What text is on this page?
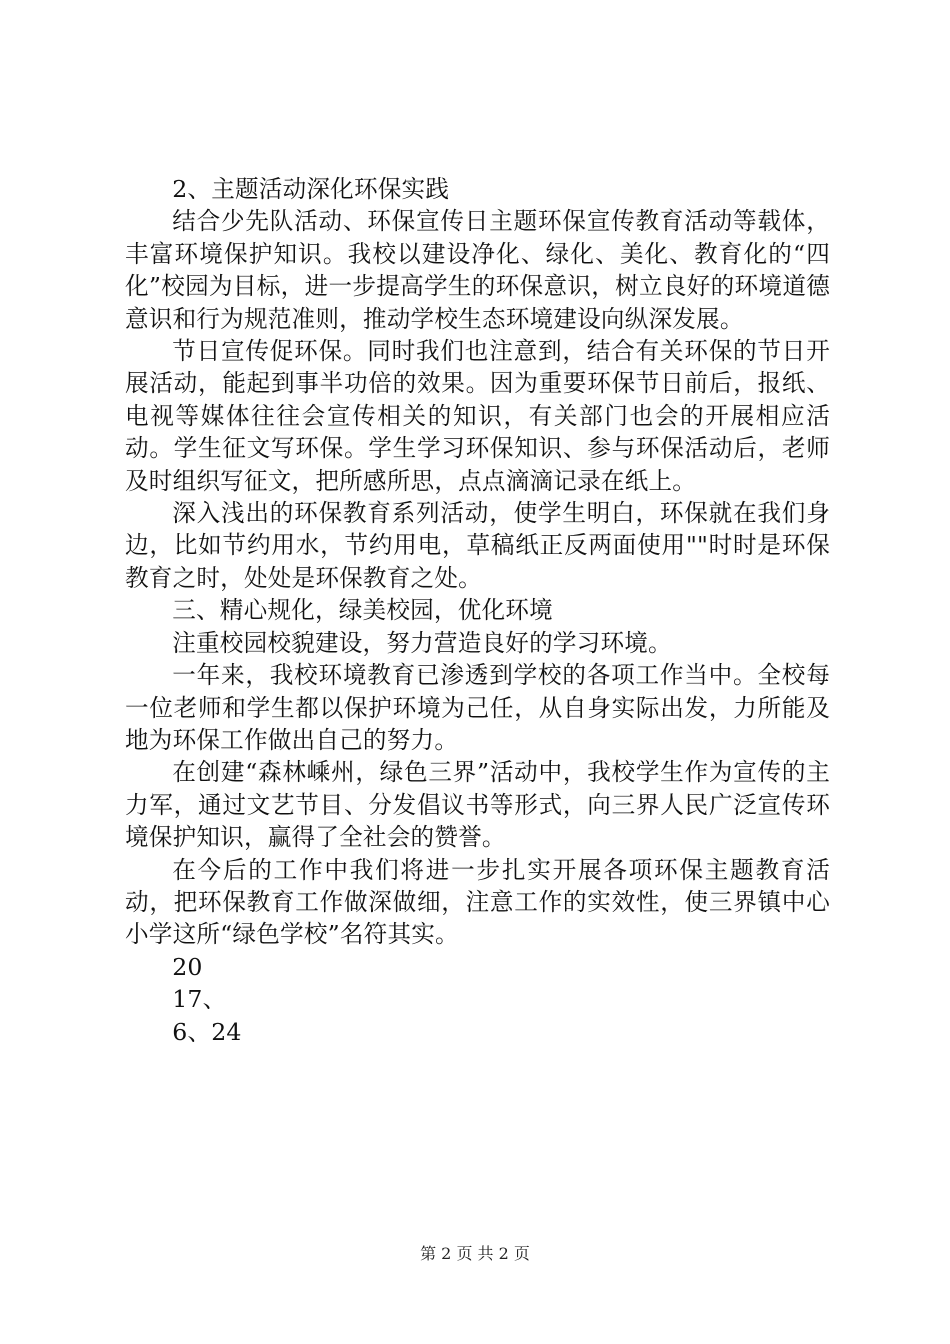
2、主题活动深化环保实践

结合少先队活动、环保宣传日主题环保宣传教育活动等载体，丰富环境保护知识。我校以建设净化、绿化、美化、教育化的“四化”校园为目标，进一步提高学生的环保意识，树立良好的环境道德意识和行为规范准则，推动学校生态环境建设向纵深发展。

节日宣传促环保。同时我们也注意到，结合有关环保的节日开展活动，能起到事半功倍的效果。因为重要环保节日前后，报纸、电视等媒体往往会宣传相关的知识，有关部门也会的开展相应活动。学生征文写环保。学生学习环保知识、参与环保活动后，老师及时组织写征文，把所感所思，点点滴滴记录在纸上。

深入浅出的环保教育系列活动，使学生明白，环保就在我们身边，比如节约用水，节约用电，草稿纸正反两面使用""时时是环保教育之时，处处是环保教育之处。

三、精心规化，绿美校园，优化环境

注重校园校貌建设，努力营造良好的学习环境。

一年来，我校环境教育已渗透到学校的各项工作当中。全校每一位老师和学生都以保护环境为己任，从自身实际出发，力所能及地为环保工作做出自己的努力。

在创建“森林嵊州，绿色三界”活动中，我校学生作为宣传的主力军，通过文艺节目、分发倡议书等形式，向三界人民广泛宣传环境保护知识，赢得了全社会的赞誉。

在今后的工作中我们将进一步扎实开展各项环保主题教育活动，把环保教育工作做深做细，注意工作的实效性，使三界镇中心小学这所“绿色学校”名符其实。

20

17、

6、24

第 2 页 共 2 页
